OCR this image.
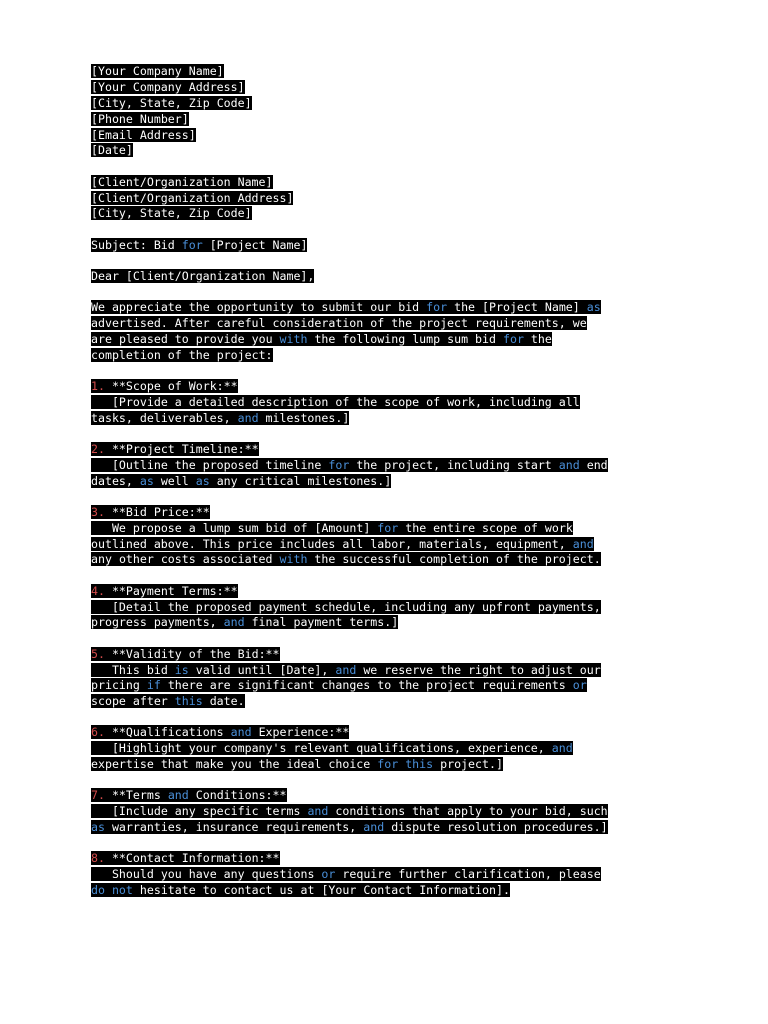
[Your Company Name]
[Your Company Address]
[City, State, Zip Code]
[Phone Number]
[Email Address]
[Date]
[Client/Organization Name]
[Client/Organization Address]
[City, State, Zip Code]
Subject: Bid for [Project Name]
Dear [Client/Organization Name],
We appreciate the opportunity to submit our bid for the [Project Name] as
advertised. After careful consideration of the project requirements, we
are pleased to provide you with the following lump sum bid for the
completion of the project:
1. **Scope of Work:**
[Provide a detailed description of the scope of work, including all
tasks, deliverables, and milestones.]
2. **Project Timeline:**
[Outline the proposed timeline for the project, including start and end
dates, as well as any critical milestones.]
3. **Bid Price:**
We propose a lump sum bid of [Amount] for the entire scope of work
outlined above. This price includes all labor, materials, equipment, and
any other costs associated with the successful completion of the project.
4. **Payment Terms:**
[Detail the proposed payment schedule, including any upfront payments,
progress payments, and final payment terms.]
5. **Validity of the Bid:**
This bid is valid until [Date], and we reserve the right to adjust our
pricing if there are significant changes to the project requirements or
scope after this date.
6. **Qualifications and Experience:**
[Highlight your company's relevant qualifications, experience, and
expertise that make you the ideal choice for this project.]
7. **Terms and Conditions:**
[Include any specific terms and conditions that apply to your bid, such
as warranties, insurance requirements, and dispute resolution procedures.]
8. **Contact Information:**
Should you have any questions or require further clarification, please
do not hesitate to contact us at [Your Contact Information].
